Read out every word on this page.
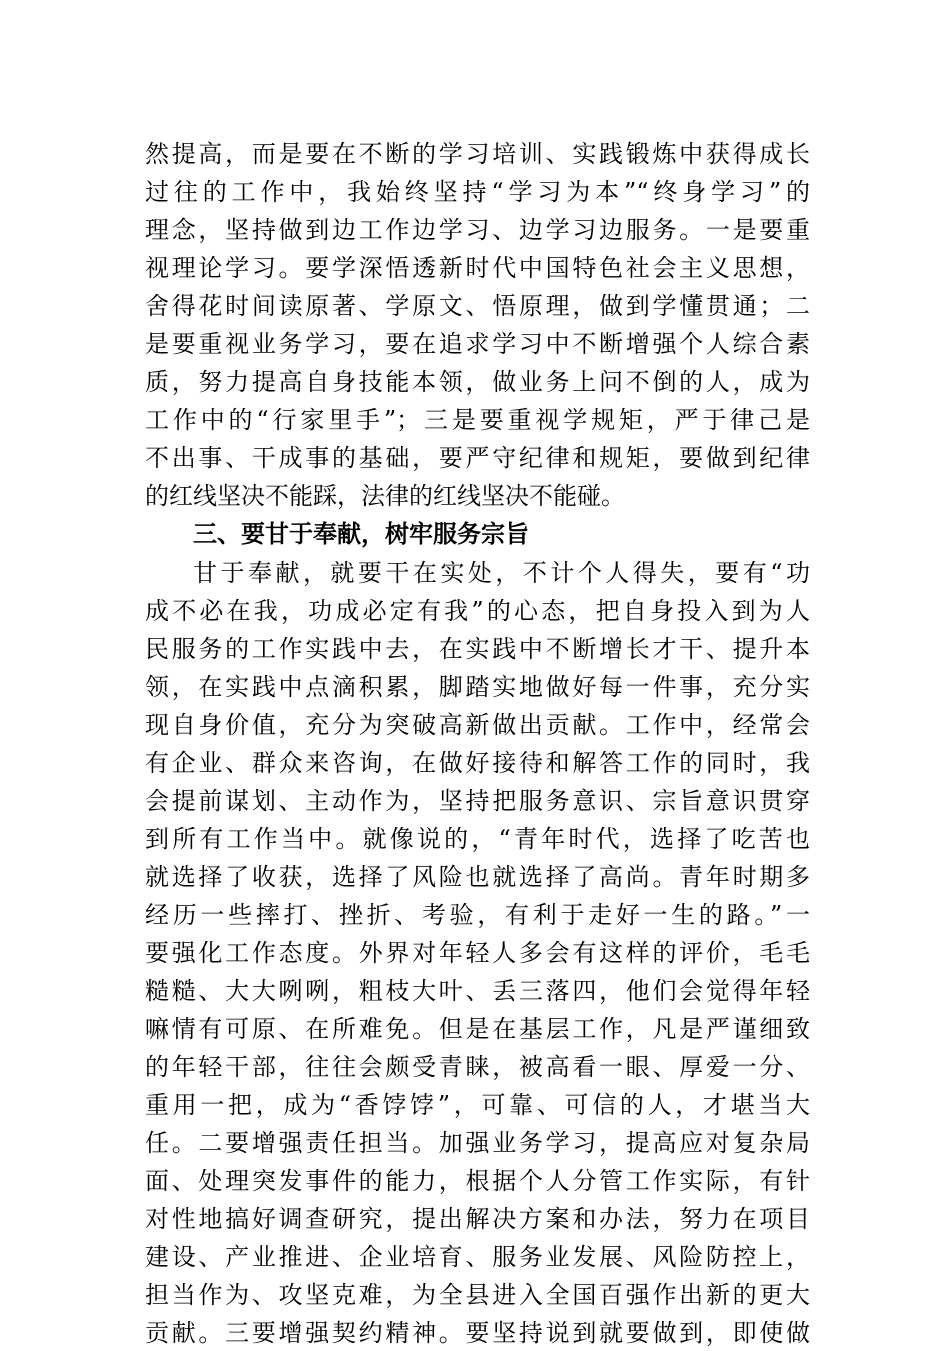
然提高，而是要在不断的学习培训、实践锻炼中获得成长
过往的工作中，我始终坚持“学习为本”“终身学习”的
理念，坚持做到边工作边学习、边学习边服务。一是要重
视理论学习。要学深悟透新时代中国特色社会主义思想，
舍得花时间读原著、学原文、悟原理，做到学懂贯通；二
是要重视业务学习，要在追求学习中不断增强个人综合素
质，努力提高自身技能本领，做业务上问不倒的人，成为
工作中的“行家里手”；三是要重视学规矩，严于律己是
不出事、干成事的基础，要严守纪律和规矩，要做到纪律
的红线坚决不能踩，法律的红线坚决不能碰。
三、要甘于奉献，树牢服务宗旨
甘于奉献，就要干在实处，不计个人得失，要有“功
成不必在我，功成必定有我”的心态，把自身投入到为人
民服务的工作实践中去，在实践中不断增长才干、提升本
领，在实践中点滴积累，脚踏实地做好每一件事，充分实
现自身价值，充分为突破高新做出贡献。工作中，经常会
有企业、群众来咨询，在做好接待和解答工作的同时，我
会提前谋划、主动作为，坚持把服务意识、宗旨意识贯穿
到所有工作当中。就像说的，“青年时代，选择了吃苦也
就选择了收获，选择了风险也就选择了高尚。青年时期多
经历一些摔打、挫折、考验，有利于走好一生的路。”一
要强化工作态度。外界对年轻人多会有这样的评价，毛毛
糙糙、大大咧咧，粗枝大叶、丢三落四，他们会觉得年轻
嘛情有可原、在所难免。但是在基层工作，凡是严谨细致
的年轻干部，往往会颇受青睐，被高看一眼、厚爱一分、
重用一把，成为“香饽饽”，可靠、可信的人，才堪当大
任。二要增强责任担当。加强业务学习，提高应对复杂局
面、处理突发事件的能力，根据个人分管工作实际，有针
对性地搞好调查研究，提出解决方案和办法，努力在项目
建设、产业推进、企业培育、服务业发展、风险防控上，
担当作为、攻坚克难，为全县进入全国百强作出新的更大
贡献。三要增强契约精神。要坚持说到就要做到，即使做
